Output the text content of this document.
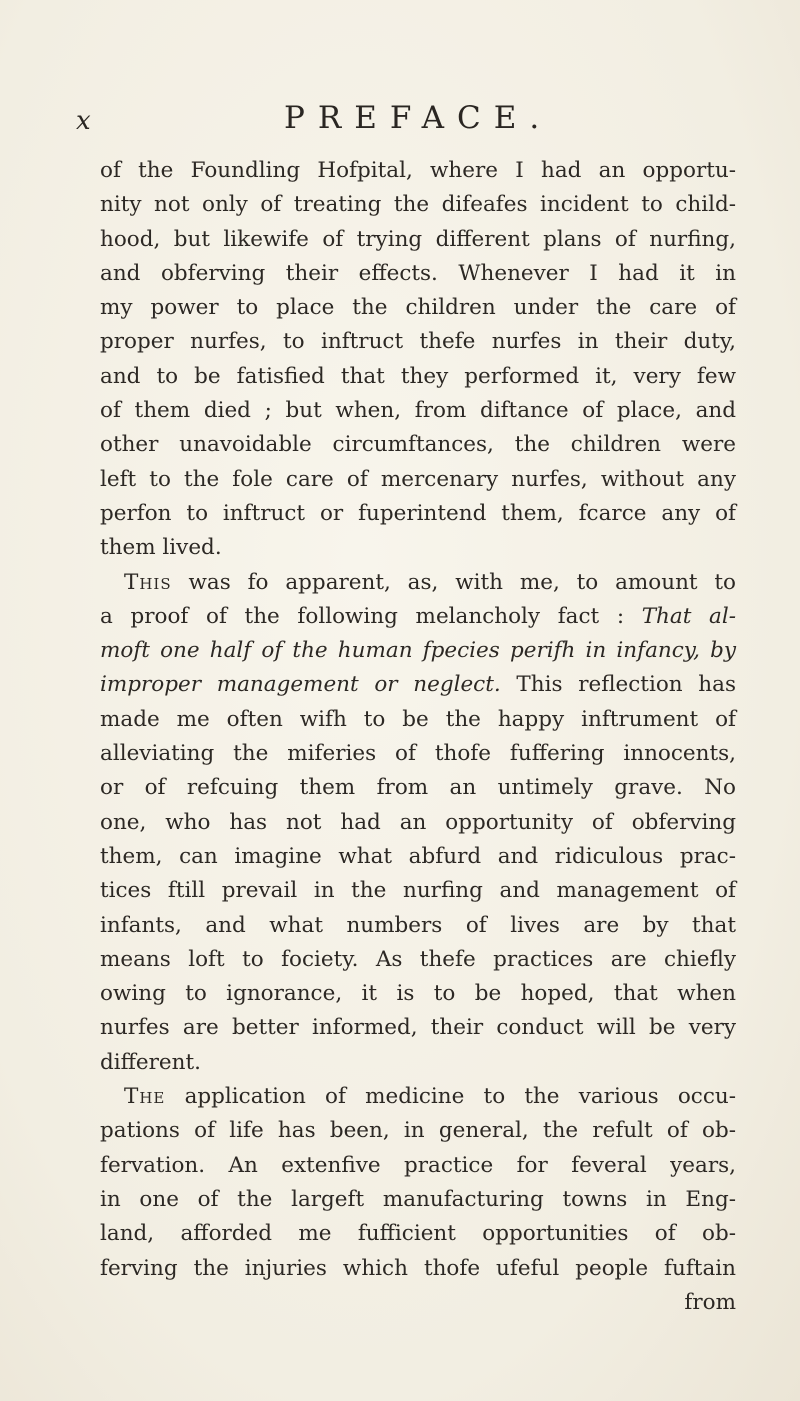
x	PREFACE.
of the Foundling Hofpital, where I had an opportu-
nity not only of treating the difeafes incident to child-
hood, but likewife of trying different plans of nurfing,
and obferving their effects. Whenever I had it in
my power to place the children under the care of
proper nurfes, to inftruct thefe nurfes in their duty,
and to be fatisfied that they performed it, very few
of them died ; but when, from diftance of place, and
other unavoidable circumftances, the children were
left to the fole care of mercenary nurfes, without any
perfon to inftruct or fuperintend them, fcarce any of
them lived.
This was fo apparent, as, with me, to amount to
a proof of the following melancholy fact : That al-
moft one half of the human fpecies perifh in infancy, by
improper management or neglect. This reflection has
made me often wifh to be the happy inftrument of
alleviating the miferies of thofe fuffering innocents,
or of refcuing them from an untimely grave. No
one, who has not had an opportunity of obferving
them, can imagine what abfurd and ridiculous prac-
tices ftill prevail in the nurfing and management of
infants, and what numbers of lives are by that
means loft to fociety. As thefe practices are chiefly
owing to ignorance, it is to be hoped, that when
nurfes are better informed, their conduct will be very
different.
The application of medicine to the various occu-
pations of life has been, in general, the refult of ob-
fervation. An extenfive practice for feveral years,
in one of the largeft manufacturing towns in Eng-
land, afforded me fufficient opportunities of ob-
ferving the injuries which thofe ufeful people fuftain
from
